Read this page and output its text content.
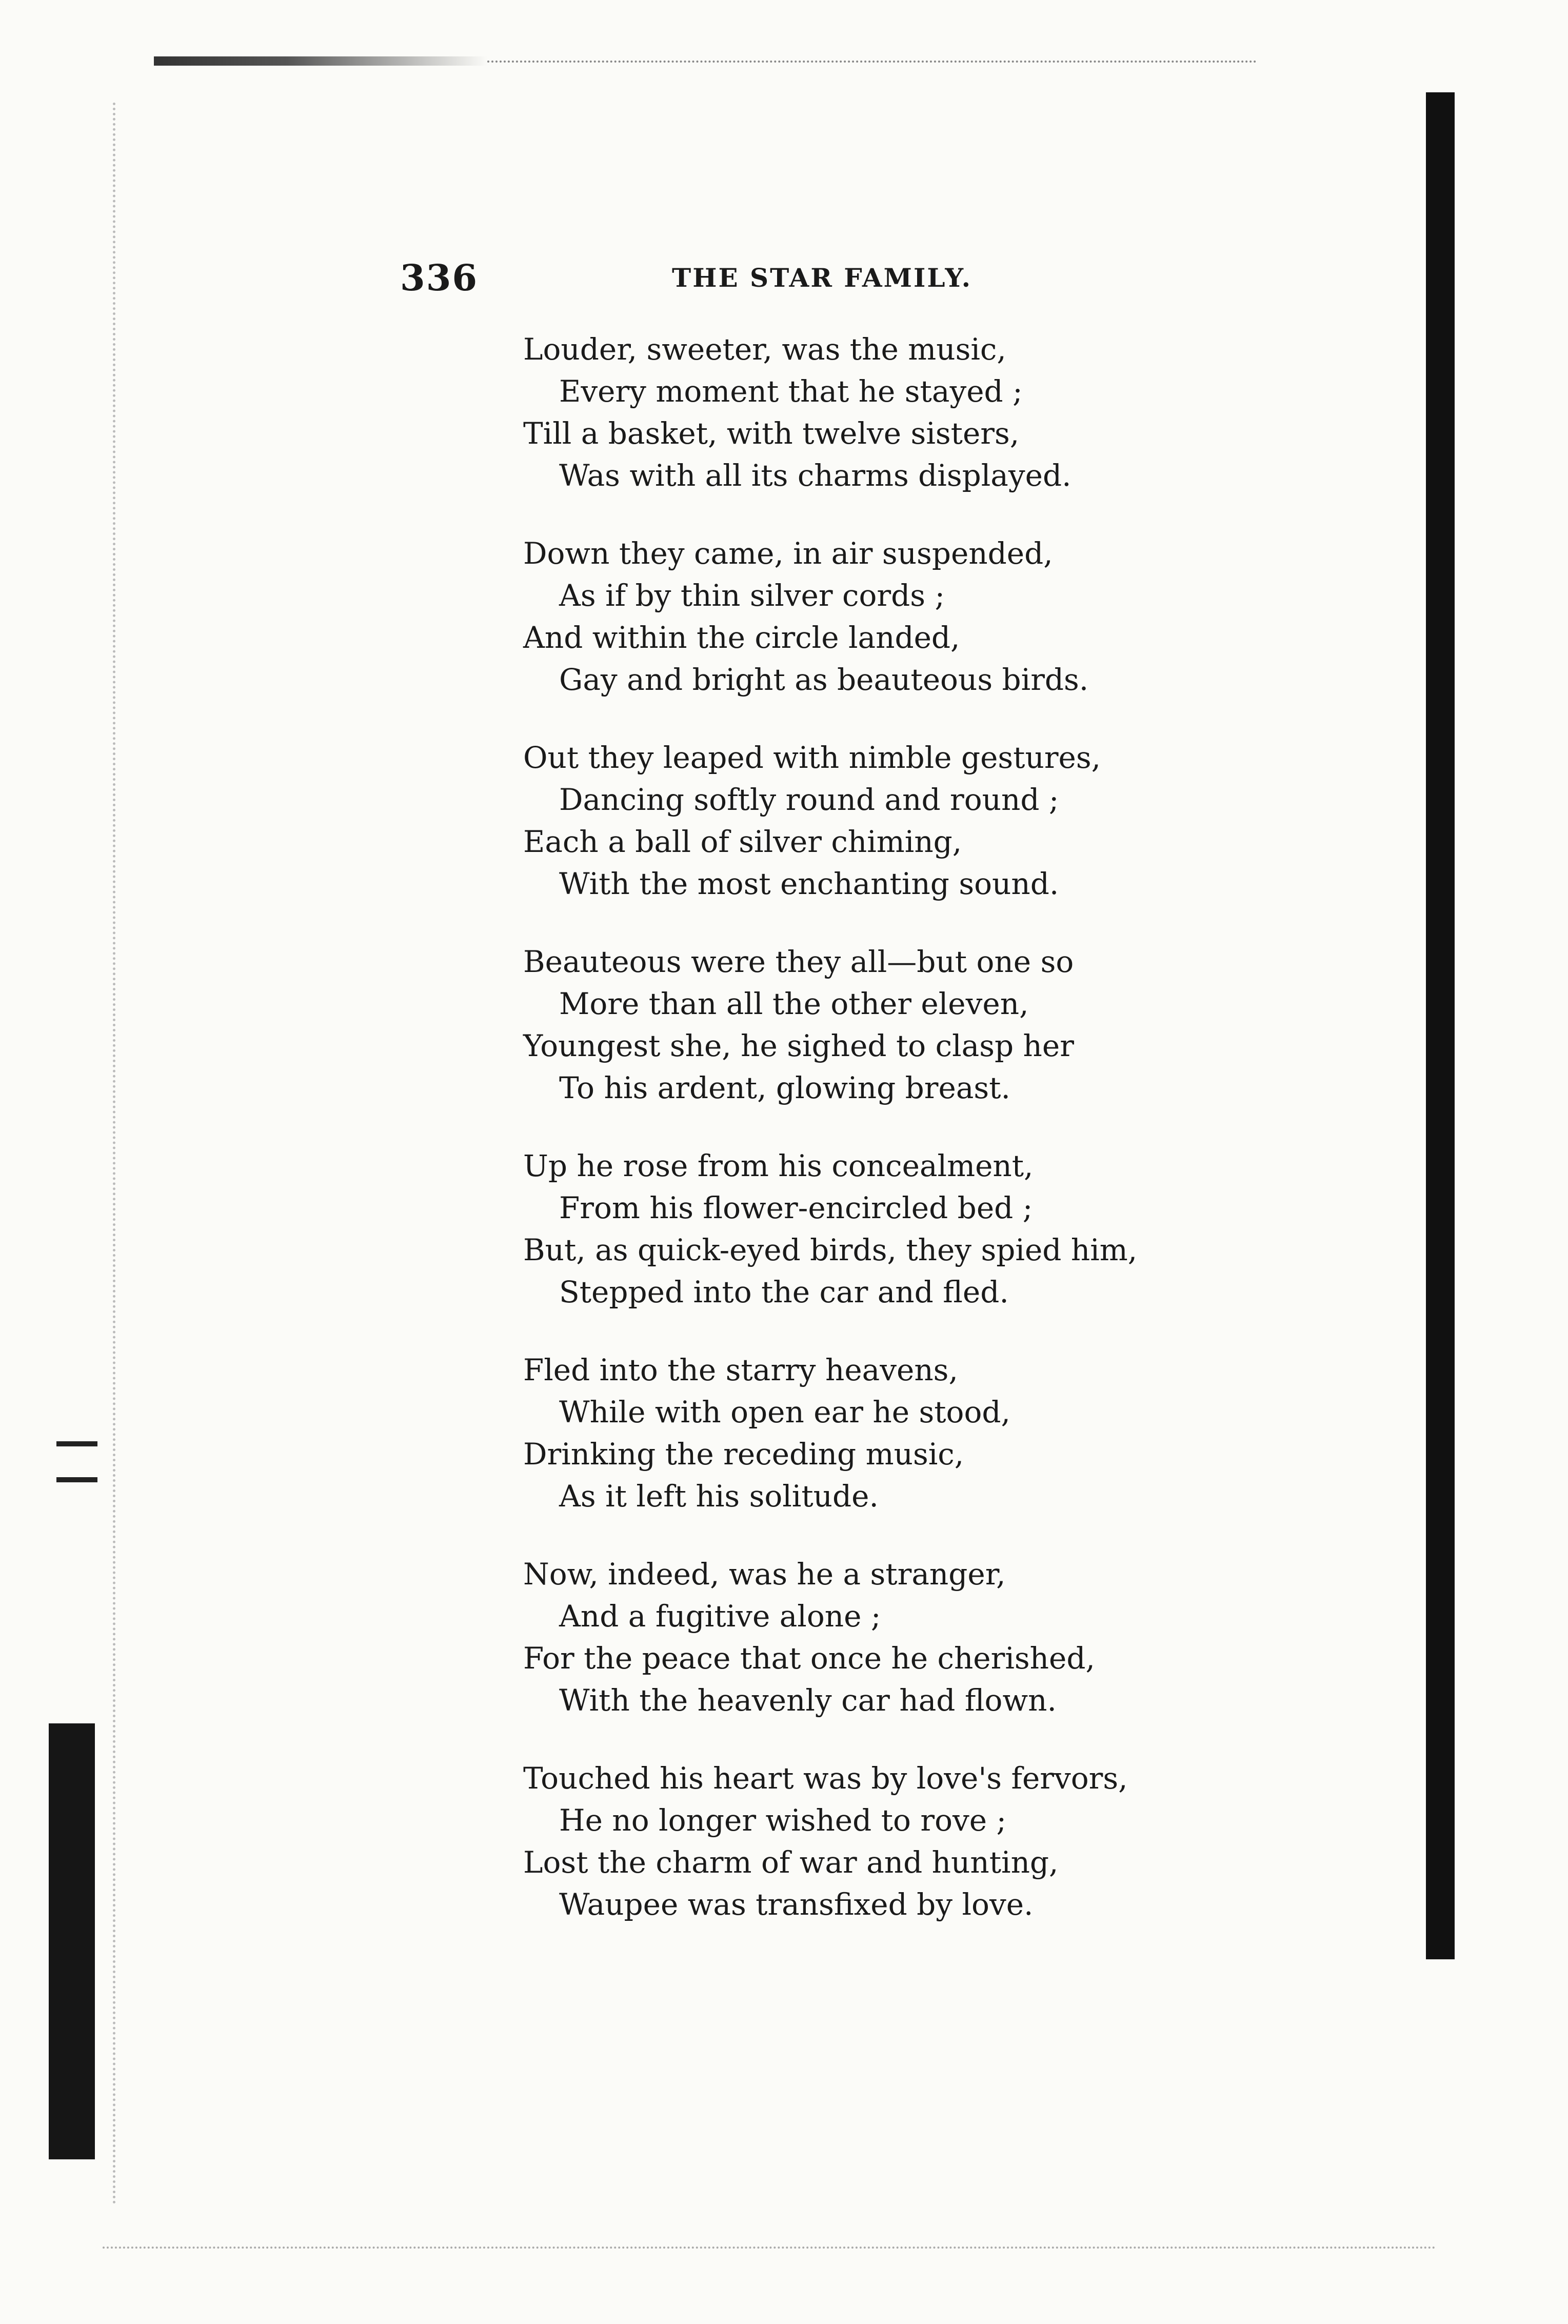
336	THE STAR FAMILY.
Louder, sweeter, was the music,
Every moment that he stayed ;
Till a basket, with twelve sisters,
Was with all its charms displayed.
Down they came, in air suspended,
As if by thin silver cords ;
And within the circle landed,
Gay and bright as beauteous birds.
Out they leaped with nimble gestures,
Dancing softly round and round ;
Each a ball of silver chiming,
With the most enchanting sound.
Beauteous were they all—but one so
More than all the other eleven,
Youngest she, he sighed to clasp her
To his ardent, glowing breast.
Up he rose from his concealment,
From his flower-encircled bed ;
But, as quick-eyed birds, they spied him,
Stepped into the car and fled.
Fled into the starry heavens,
While with open ear he stood,
Drinking the receding music,
As it left his solitude.
Now, indeed, was he a stranger,
And a fugitive alone ;
For the peace that once he cherished,
With the heavenly car had flown.
Touched his heart was by love's fervors,
He no longer wished to rove ;
Lost the charm of war and hunting,
Waupee was transfixed by love.
